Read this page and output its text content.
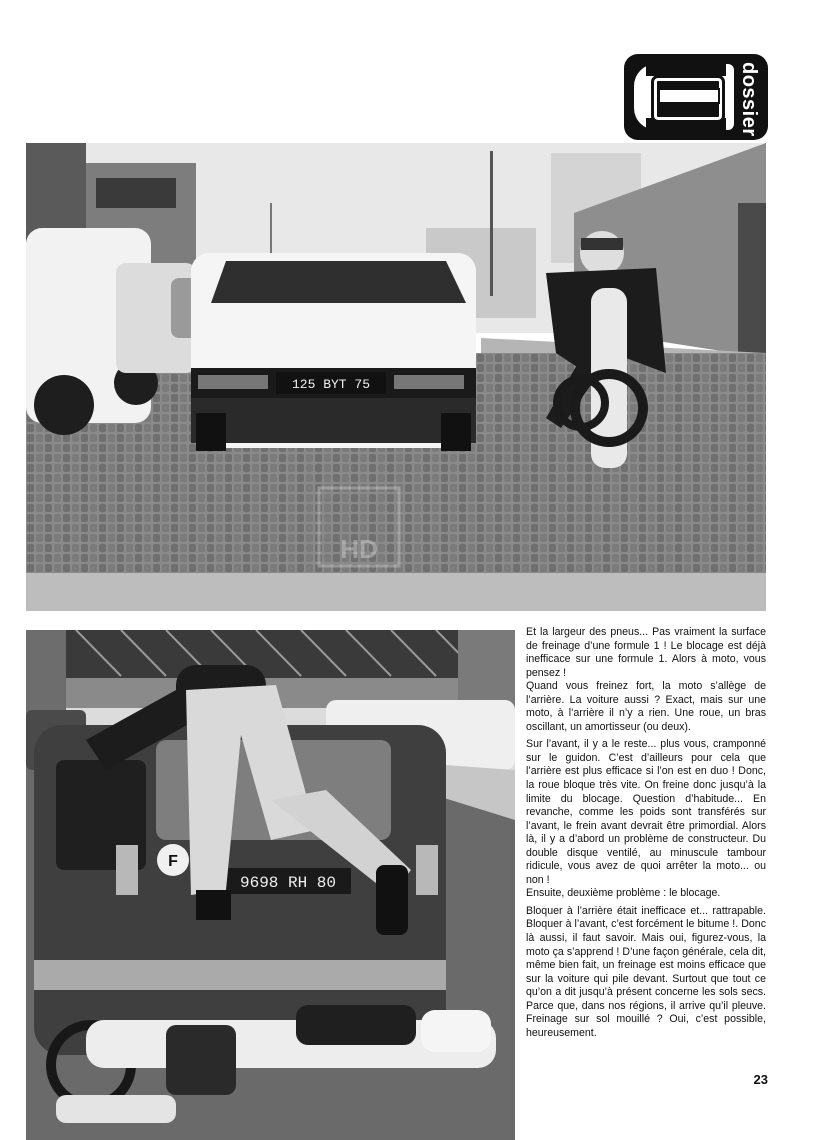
dossier
125 BYT 75
HD
F
9698 RH 80

Et la largeur des pneus... Pas vraiment la surface de freinage d’une formule 1 ! Le blocage est déjà inefficace sur une formule 1. Alors à moto, vous pensez !

Quand vous freinez fort, la moto s’allège de l’arrière. La voiture aussi ? Exact, mais sur une moto, à l’arrière il n’y a rien. Une roue, un bras oscillant, un amortisseur (ou deux).

Sur l’avant, il y a le reste... plus vous, cramponné sur le guidon. C’est d’ailleurs pour cela que l’arrière est plus efficace si l’on est en duo ! Donc, la roue bloque très vite. On freine donc jusqu’à la limite du blocage. Question d’habitude... En revanche, comme les poids sont transférés sur l’avant, le frein avant devrait être primordial. Alors là, il y a d’abord un problème de constructeur. Du double disque ventilé, au minuscule tambour ridicule, vous avez de quoi arrêter la moto... ou non !

Ensuite, deuxième problème : le blocage.

Bloquer à l’arrière était inefficace et... rattrapable. Bloquer à l’avant, c’est forcément le bitume !. Donc là aussi, il faut savoir. Mais oui, figurez-vous, la moto ça s’apprend ! D’une façon générale, cela dit, même bien fait, un freinage est moins efficace que sur la voiture qui pile devant. Surtout que tout ce qu’on a dit jusqu’à présent concerne les sols secs. Parce que, dans nos régions, il arrive qu’il pleuve. Freinage sur sol mouillé ? Oui, c’est possible, heureusement.

23
